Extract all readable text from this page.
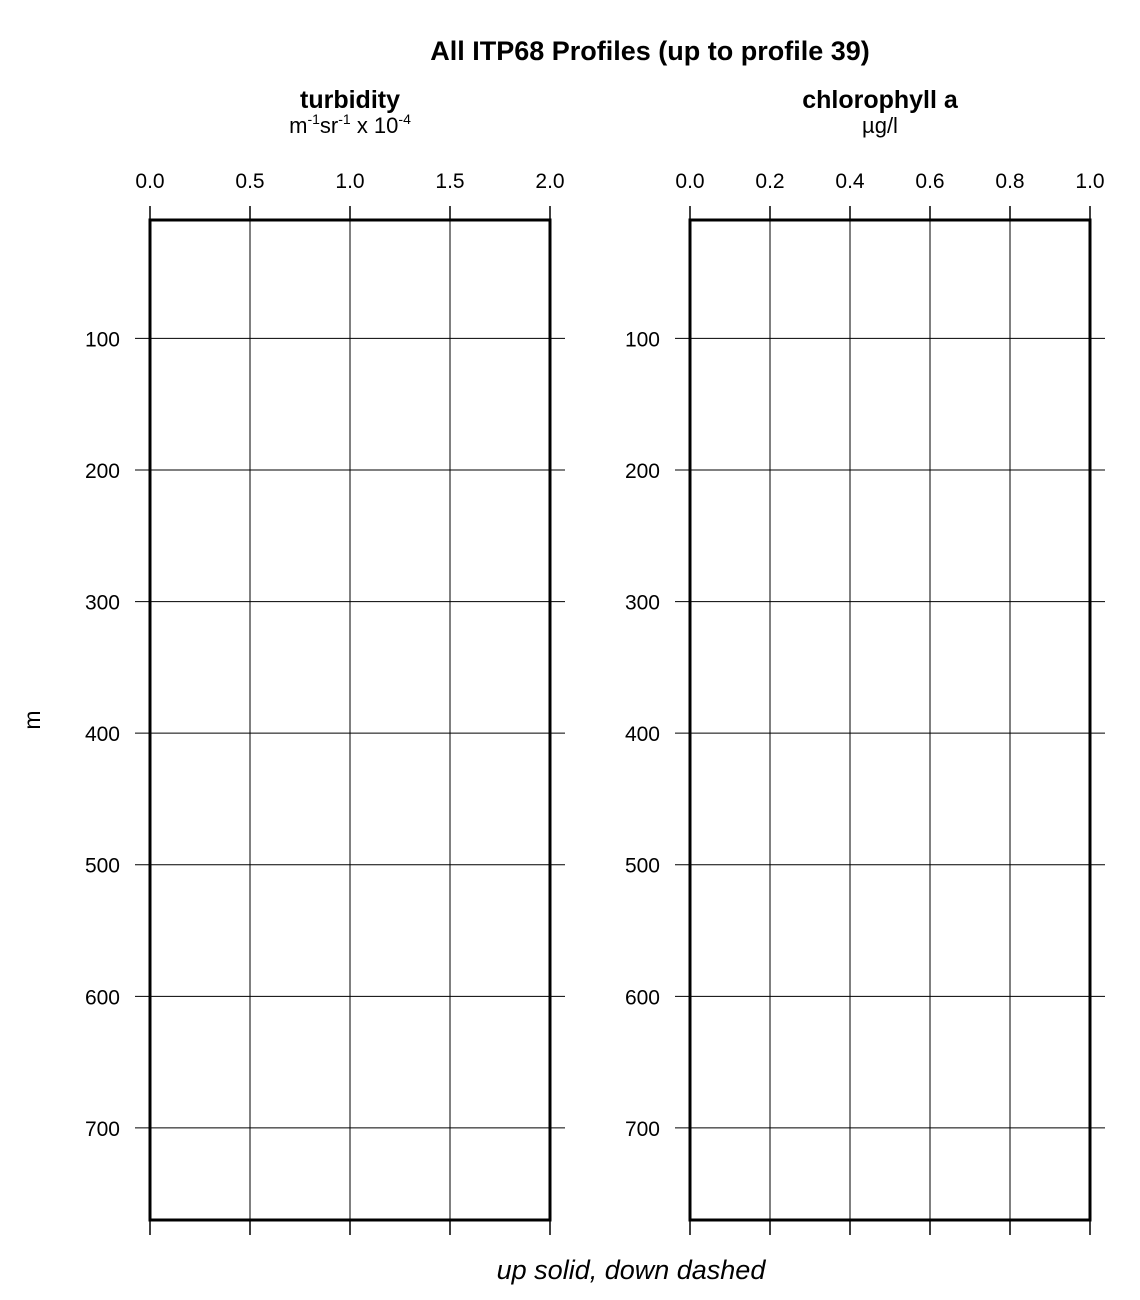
All ITP68 Profiles (up to profile 39)
m
up solid, down dashed
turbidity
$m^{-1}sr^{-1}$ x $10^{-4}$
0.0	0.5	1.0	1.5	2.0
100
200
300
400
500
600
700
chlorophyll a
µg/l
0.0 0.2 0.4 0.6 0.8 1.0
100
200
300
400
500
600
700
